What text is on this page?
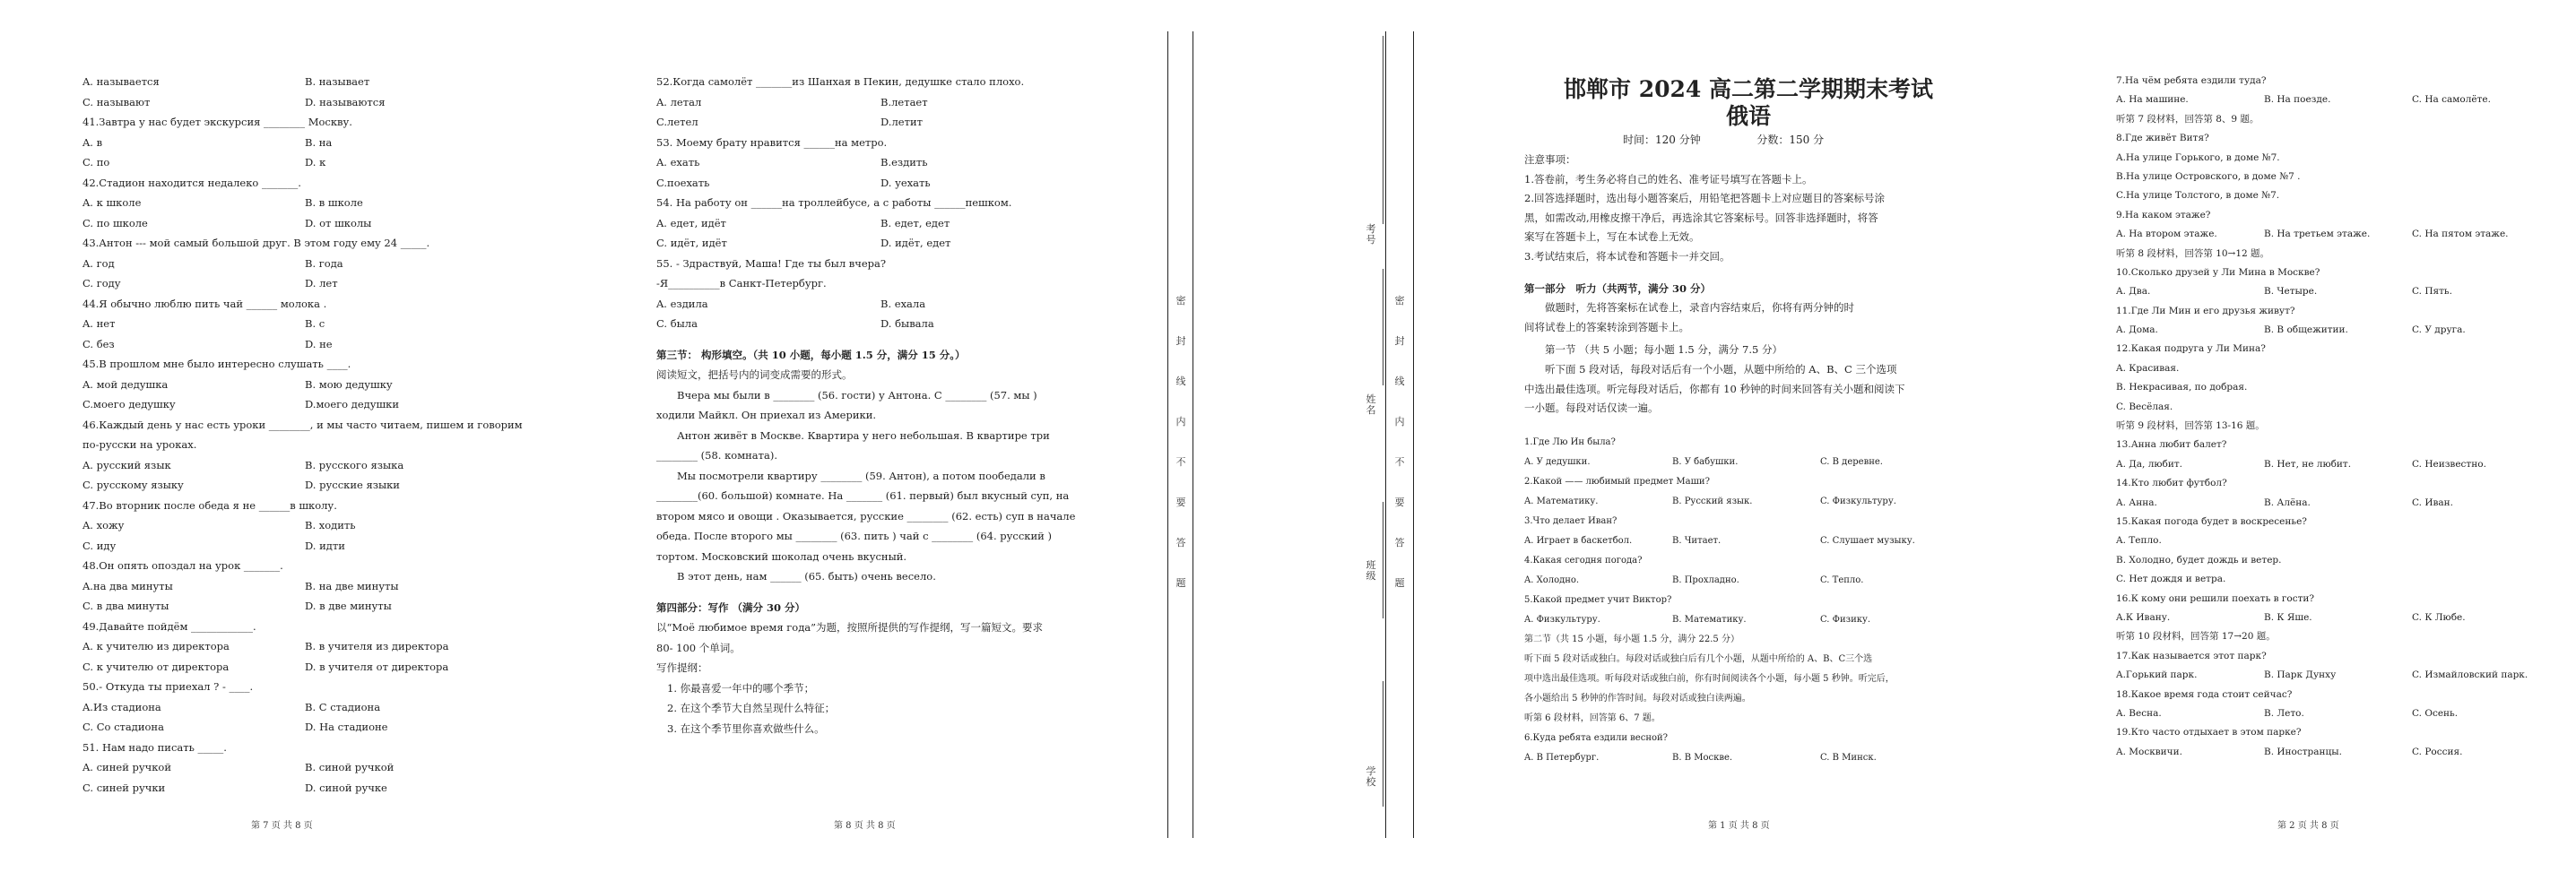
A. называется	B. называет
C. называют	D. называются
41.Завтра у нас будет экскурсия ________ Москву.
A. в	B. на
C. по	D. к
42.Стадион находится недалеко _______.
A. к школе	B. в школе
C. по школе	D. от школы
43.Антон --- мой самый большой друг. В этом году ему 24 _____.
A. год	B. года
C. году	D. лет
44.Я обычно люблю пить чай ______ молока .
A. нет	B. с
C. без	D. не
45.В прошлом мне было интересно слушать ____.
A. мой дедушка	B. мою дедушку
C.моего дедушку	D.моего дедушки
46.Каждый день у нас есть уроки ________, и мы часто читаем, пишем и говорим
по-русски на уроках.
A. русский язык	B. русского языка
C. русскому языку	D. русские языки
47.Во вторник после обеда я не ______в школу.
A. хожу	B. ходить
C. иду	D. идти
48.Он опять опоздал на урок _______.
A.на два минуты	B. на две минуты
C. в два минуты	D. в две минуты
49.Давайте пойдём ____________.
A. к учителю из директора	B. в учителя из директора
C. к учителю от директора	D. в учителя от директора
50.- Откуда ты приехал ? - ____.
A.Из стадиона	B. С стадиона
C. Со стадиона	D. На стадионе
51. Нам надо писать _____.
A. синей ручкой	B. синой ручкой
C. синей ручки	D. синой ручке
第 7 页 共 8 页
52.Когда самолёт _______из Шанхая в Пекин, дедушке стало плохо.
A. летал	B.летает
C.летел	D.летит
53. Моему брату нравится ______на метро.
A. ехать	B.ездить
C.поехать	D. уехать
54. На работу он ______на троллейбусе, а с работы ______пешком.
A. едет, идёт	B. едет, едет
C. идёт, идёт	D. идёт, едет
55. - Здраствуй, Маша! Где ты был вчера?
-Я__________в Санкт-Петербург.
A. ездила	B. ехала
C. была	D. бывала
第三节： 构形填空。（共 10 小题，每小题 1.5 分，满分 15 分。）
阅读短文，把括号内的词变成需要的形式。
Вчера мы были в ________ (56. гости) у Антона. С ________ (57. мы )
ходили Майкл. Он приехал из Америки.
Антон живёт в Москве. Квартира у него небольшая. В квартире три
________ (58. комната).
Мы посмотрели квартиру ________ (59. Антон), а потом пообедали в
________(60. большой) комнате. На _______ (61. первый) был вкусный суп, на
втором мясо и овощи . Оказывается, русские ________ (62. есть) суп в начале
обеда. После второго мы ________ (63. пить ) чай с ________ (64. русский )
тортом. Московский шоколад очень вкусный.
В этот день, нам ______ (65. быть) очень весело.
第四部分：写作 （满分 30 分）
以“Моё любимое время года”为题，按照所提供的写作提纲，写一篇短文。要求
80- 100 个单词。
写作提纲：
1. 你最喜爱一年中的哪个季节；
2. 在这个季节大自然呈现什么特征；
3. 在这个季节里你喜欢做些什么。
第 8 页 共 8 页
密
封
线
内
不
要
答
题
密
封
线
内
不
要
答
题
考号
姓名
班级
学校
邯郸市 2024 高二第二学期期末考试
俄语
时间：120 分钟	分数：150 分
注意事项：
1.答卷前，考生务必将自己的姓名、准考证号填写在答题卡上。
2.回答选择题时，选出每小题答案后，用铅笔把答题卡上对应题目的答案标号涂
黑，如需改动,用橡皮擦干净后，再选涂其它答案标号。回答非选择题时，将答
案写在答题卡上，写在本试卷上无效。
3.考试结束后，将本试卷和答题卡一并交回。
第一部分　听力（共两节，满分 30 分）
做题时，先将答案标在试卷上，录音内容结束后，你将有两分钟的时
间将试卷上的答案转涂到答题卡上。
第一节 （共 5 小题；每小题 1.5 分，满分 7.5 分）
听下面 5 段对话，每段对话后有一个小题，从题中所给的 A、B、C 三个选项
中选出最佳选项。听完每段对话后，你都有 10 秒钟的时间来回答有关小题和阅读下
一小题。每段对话仅读一遍。
1.Где Лю Ин была?
A. У дедушки.	B. У бабушки.	C. В деревне.
2.Какой —— любимый предмет Маши?
A. Математику.	B. Русский язык.	C. Физкультуру.
3.Что делает Иван?
A. Играет в баскетбол.	B. Читает.	C. Слушает музыку.
4.Какая сегодня погода?
A. Холодно.	B. Прохладно.	C. Тепло.
5.Какой предмет учит Виктор?
A. Физкультуру.	B. Математику.	C. Физику.
第二节（共 15 小题，每小题 1.5 分，满分 22.5 分）
听下面 5 段对话或独白。每段对话或独白后有几个小题，从题中所给的 A、B、C三个选
项中选出最佳选项。听每段对话或独白前，你有时间阅读各个小题，每小题 5 秒钟。听完后，
各小题给出 5 秒钟的作答时间。每段对话或独白读两遍。
听第 6 段材料，回答第 6、7 题。
6.Куда ребята ездили весной?
A. В Петербург.	B. В Москве.	C. В Минск.
第 1 页 共 8 页
7.На чём ребята ездили туда?
A. На машине.	B. На поезде.	C. На самолёте.
听第 7 段材料，回答第 8、9 题。
8.Где живёт Витя?
A.На улице Горького, в доме №7.
B.На улице Островского, в доме №7 .
C.На улице Толстого, в доме №7.
9.На каком этаже?
A. На втором этаже.	B. На третьем этаже.	C. На пятом этаже.
听第 8 段材料，回答第 10→12 题。
10.Сколько друзей у Ли Мина в Москве?
A. Два.	B. Четыре.	C. Пять.
11.Где Ли Мин и его друзья живут?
A. Дома.	B. В общежитии.	C. У друга.
12.Какая подруга у Ли Мина?
A. Красивая.
B. Некрасивая, по добрая.
C. Весёлая.
听第 9 段材料，回答第 13-16 题。
13.Анна любит балет?
A. Да, любит.	B. Нет, не любит.	C. Неизвестно.
14.Кто любит футбол?
A. Анна.	B. Алёна.	C. Иван.
15.Какая погода будет в воскресенье?
A. Тепло.
B. Холодно, будет дождь и ветер.
C. Нет дождя и ветра.
16.К кому они решили поехать в гости?
A.К Ивану.	B. К Яше.	C. К Любе.
听第 10 段材料，回答第 17→20 题。
17.Как называется этот парк?
A.Горький парк.	B. Парк Дунху	C. Измайловский парк.
18.Какое время года стоит сейчас?
A. Весна.	B. Лето.	C. Осень.
19.Кто часто отдыхает в этом парке?
A. Москвичи.	B. Иностранцы.	C. Россия.
第 2 页 共 8 页
